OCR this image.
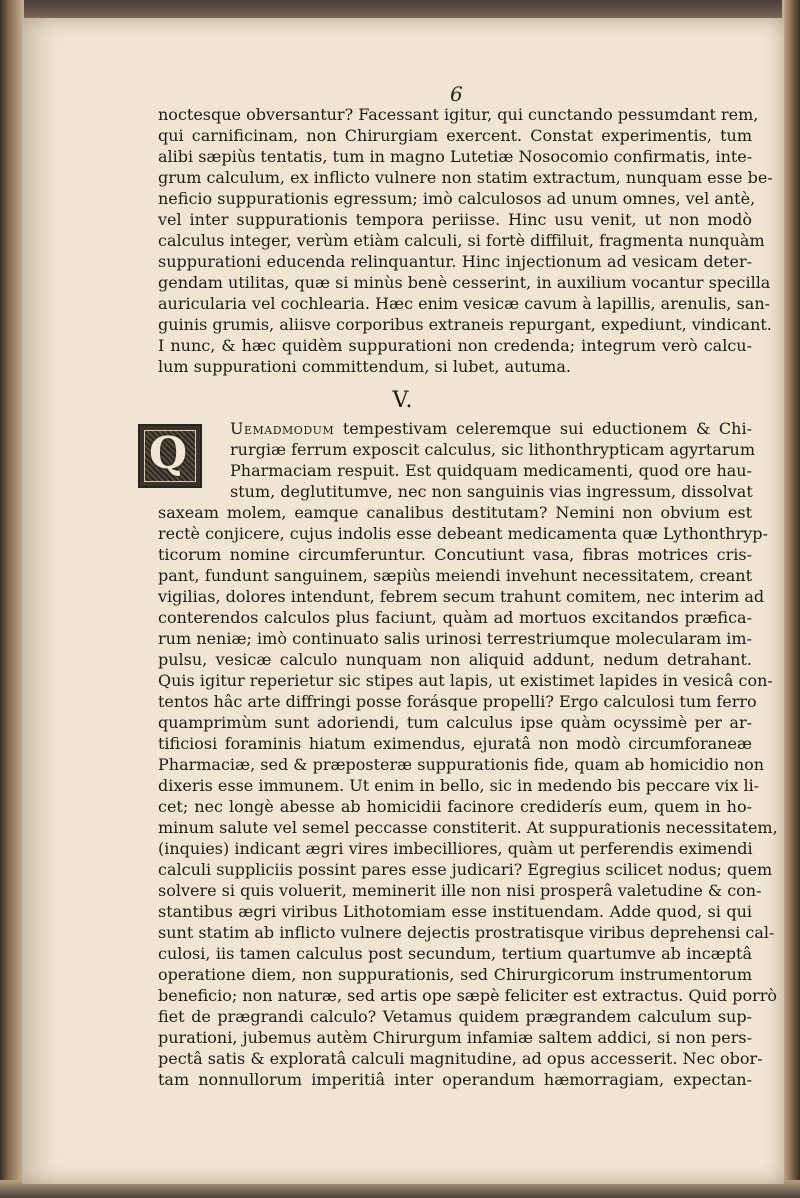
6
noctesque obversantur? Facessant igitur, qui cunctando pessumdant rem,
qui carnificinam, non Chirurgiam exercent. Constat experimentis, tum
alibi sæpiùs tentatis, tum in magno Lutetiæ Nosocomio confirmatis, inte-
grum calculum, ex inflicto vulnere non statim extractum, nunquam esse be-
neficio suppurationis egressum; imò calculosos ad unum omnes, vel antè,
vel inter suppurationis tempora periisse. Hinc usu venit, ut non modò
calculus integer, verùm etiàm calculi, si fortè diffiluit, fragmenta nunquàm
suppurationi educenda relinquantur. Hinc injectionum ad vesicam deter-
gendam utilitas, quæ si minùs benè cesserint, in auxilium vocantur specilla
auricularia vel cochlearia. Hæc enim vesicæ cavum à lapillis, arenulis, san-
guinis grumis, aliisve corporibus extraneis repurgant, expediunt, vindicant.
I nunc, & hæc quidèm suppurationi non credenda; integrum verò calcu-
lum suppurationi committendum, si lubet, autuma.
V.
Q	Uemadmodum tempestivam celeremque sui eductionem & Chi-
rurgiæ ferrum exposcit calculus, sic lithonthrypticam agyrtarum
Pharmaciam respuit. Est quidquam medicamenti, quod ore hau-
stum, deglutitumve, nec non sanguinis vias ingressum, dissolvat
saxeam molem, eamque canalibus destitutam? Nemini non obvium est
rectè conjicere, cujus indolis esse debeant medicamenta quæ Lythonthryp-
ticorum nomine circumferuntur. Concutiunt vasa, fibras motrices cris-
pant, fundunt sanguinem, sæpiùs meiendi invehunt necessitatem, creant
vigilias, dolores intendunt, febrem secum trahunt comitem, nec interim ad
conterendos calculos plus faciunt, quàm ad mortuos excitandos præfica-
rum neniæ; imò continuato salis urinosi terrestriumque molecularam im-
pulsu, vesicæ calculo nunquam non aliquid addunt, nedum detrahant.
Quis igitur reperietur sic stipes aut lapis, ut existimet lapides in vesicâ con-
tentos hâc arte diffringi posse forásque propelli? Ergo calculosi tum ferro
quamprimùm sunt adoriendi, tum calculus ipse quàm ocyssimè per ar-
tificiosi foraminis hiatum eximendus, ejuratâ non modò circumforaneæ
Pharmaciæ, sed & præposteræ suppurationis fide, quam ab homicidio non
dixeris esse immunem. Ut enim in bello, sic in medendo bis peccare vix li-
cet; nec longè abesse ab homicidii facinore crediderís eum, quem in ho-
minum salute vel semel peccasse constiterit. At suppurationis necessitatem,
(inquies) indicant ægri vires imbecilliores, quàm ut perferendis eximendi
calculi suppliciis possint pares esse judicari? Egregius scilicet nodus; quem
solvere si quis voluerit, meminerit ille non nisi prosperâ valetudine & con-
stantibus ægri viribus Lithotomiam esse instituendam. Adde quod, si qui
sunt statim ab inflicto vulnere dejectis prostratisque viribus deprehensi cal-
culosi, iis tamen calculus post secundum, tertium quartumve ab incæptâ
operatione diem, non suppurationis, sed Chirurgicorum instrumentorum
beneficio; non naturæ, sed artis ope sæpè feliciter est extractus. Quid porrò
fiet de prægrandi calculo? Vetamus quidem prægrandem calculum sup-
purationi, jubemus autèm Chirurgum infamiæ saltem addici, si non pers-
pectâ satis & exploratâ calculi magnitudine, ad opus accesserit. Nec obor-
tam nonnullorum imperitiâ inter operandum hæmorragiam, expectan-
